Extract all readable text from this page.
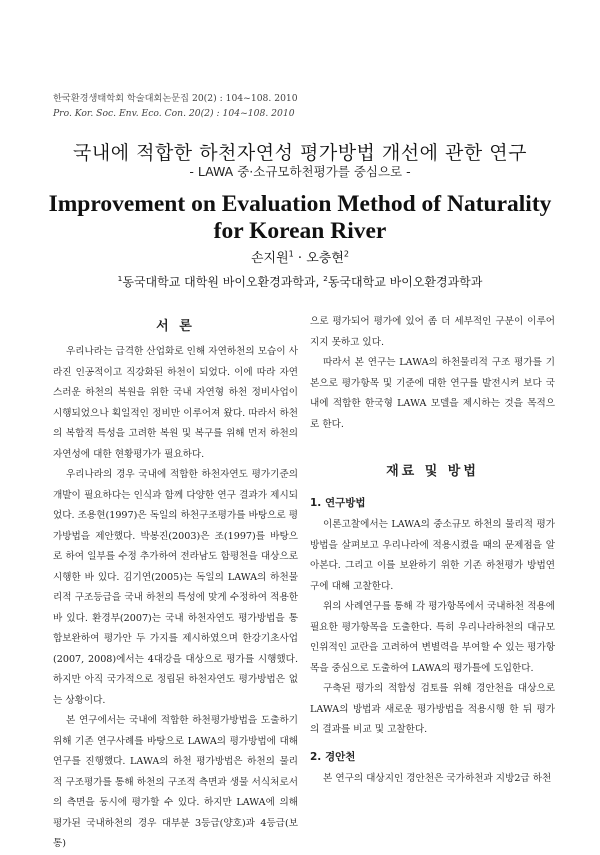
한국환경생태학회 학술대회논문집 20(2) : 104~108. 2010
Pro. Kor. Soc. Env. Eco. Con. 20(2) : 104~108. 2010
국내에 적합한 하천자연성 평가방법 개선에 관한 연구
- LAWA 중·소규모하천평가를 중심으로 -
Improvement on Evaluation Method of Naturality
for Korean River
손지원$^1$ · 오충현$^2$
$^1$동국대학교 대학원 바이오환경과학과, $^2$동국대학교 바이오환경과학과
서 론

우리나라는 급격한 산업화로 인해 자연하천의 모습이 사라진 인공적이고 직강화된 하천이 되었다. 이에 따라 자연스러운 하천의 복원을 위한 국내 자연형 하천 정비사업이 시행되었으나 획일적인 정비만 이루어져 왔다. 따라서 하천의 복합적 특성을 고려한 복원 및 복구를 위해 먼저 하천의 자연성에 대한 현황평가가 필요하다.

우리나라의 경우 국내에 적합한 하천자연도 평가기준의 개발이 필요하다는 인식과 함께 다양한 연구 결과가 제시되었다. 조용현(1997)은 독일의 하천구조평가를 바탕으로 평가방법을 제안했다. 박봉진(2003)은 조(1997)를 바탕으로 하여 일부를 수정 추가하여 전라남도 함평천을 대상으로 시행한 바 있다. 김기연(2005)는 독일의 LAWA의 하천물리적 구조등급을 국내 하천의 특성에 맞게 수정하여 적용한 바 있다. 환경부(2007)는 국내 하천자연도 평가방법을 통합보완하여 평가안 두 가지를 제시하였으며 한강기초사업(2007, 2008)에서는 4대강을 대상으로 평가를 시행했다. 하지만 아직 국가적으로 정립된 하천자연도 평가방법은 없는 상황이다.

본 연구에서는 국내에 적합한 하천평가방법을 도출하기 위해 기존 연구사례를 바탕으로 LAWA의 평가방법에 대해 연구를 진행했다. LAWA의 하천 평가방법은 하천의 물리적 구조평가를 통해 하천의 구조적 측면과 생물 서식처로서의 측면을 동시에 평가할 수 있다. 하지만 LAWA에 의해 평가된 국내하천의 경우 대부분 3등급(양호)과 4등급(보통)

으로 평가되어 평가에 있어 좀 더 세부적인 구분이 이루어지지 못하고 있다.

따라서 본 연구는 LAWA의 하천물리적 구조 평가를 기본으로 평가항목 및 기준에 대한 연구를 발전시켜 보다 국내에 적합한 한국형 LAWA 모델을 제시하는 것을 목적으로 한다.

재료 및 방법
1. 연구방법

이론고찰에서는 LAWA의 중소규모 하천의 물리적 평가방법을 살펴보고 우리나라에 적용시켰을 때의 문제점을 알아본다. 그리고 이를 보완하기 위한 기존 하천평가 방법연구에 대해 고찰한다.

위의 사례연구를 통해 각 평가항목에서 국내하천 적용에 필요한 평가항목을 도출한다. 특히 우리나라하천의 대규모 인위적인 교란을 고려하여 변별력을 부여할 수 있는 평가항목을 중심으로 도출하여 LAWA의 평가틀에 도입한다.

구축된 평가의 적합성 검토를 위해 경안천을 대상으로 LAWA의 방법과 새로운 평가방법을 적용시행 한 뒤 평가의 결과를 비교 및 고찰한다.

2. 경안천

본 연구의 대상지인 경안천은 국가하천과 지방2급 하천
